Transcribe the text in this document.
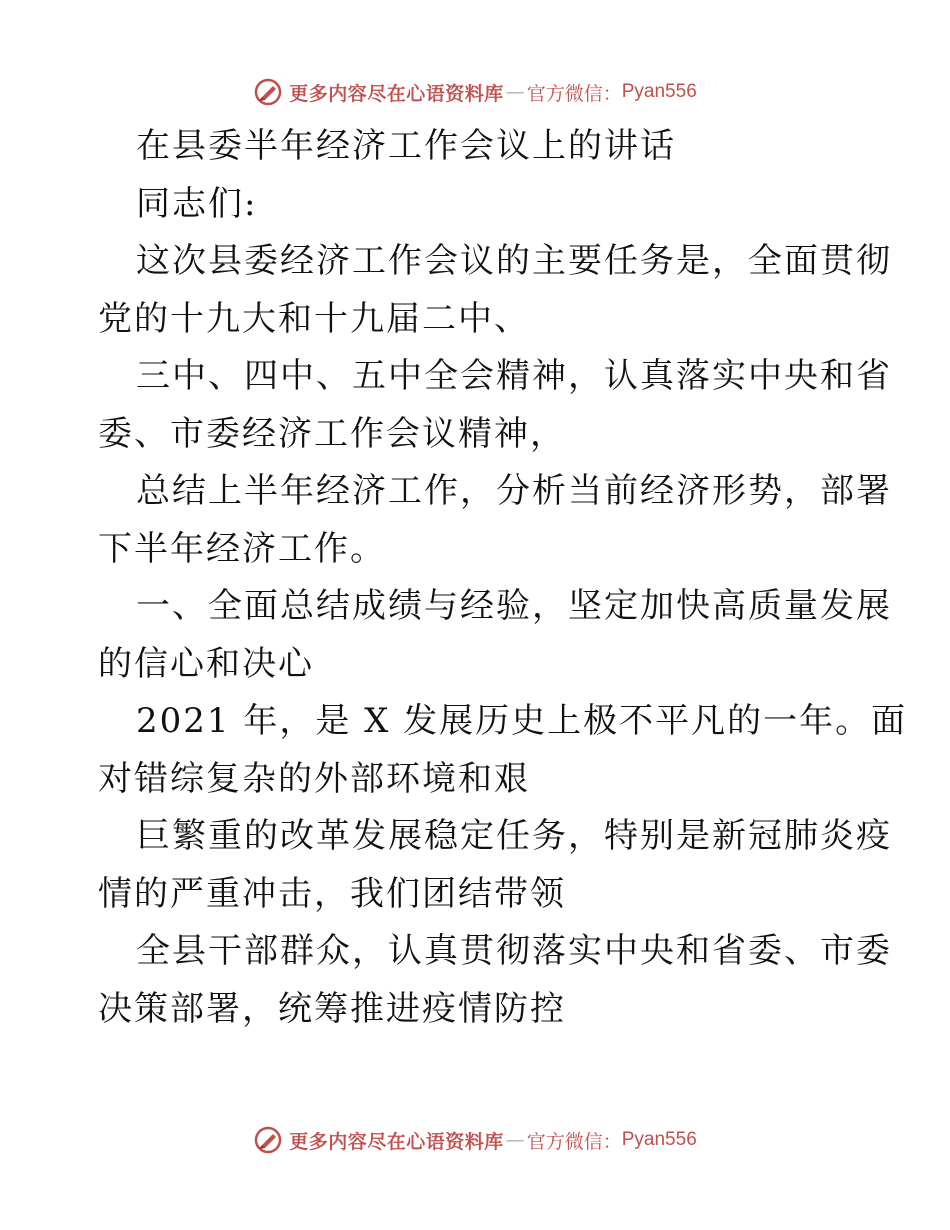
更多内容尽在心语资料库 — 官方微信： Pyan556
在县委半年经济工作会议上的讲话
同志们:
这次县委经济工作会议的主要任务是，全面贯彻
党的十九大和十九届二中、
三中、四中、五中全会精神，认真落实中央和省
委、市委经济工作会议精神，
总结上半年经济工作，分析当前经济形势，部署
下半年经济工作。
一、全面总结成绩与经验，坚定加快高质量发展
的信心和决心
2021 年，是 X 发展历史上极不平凡的一年。面
对错综复杂的外部环境和艰
巨繁重的改革发展稳定任务，特别是新冠肺炎疫
情的严重冲击，我们团结带领
全县干部群众，认真贯彻落实中央和省委、市委
决策部署，统筹推进疫情防控
更多内容尽在心语资料库 — 官方微信： Pyan556
